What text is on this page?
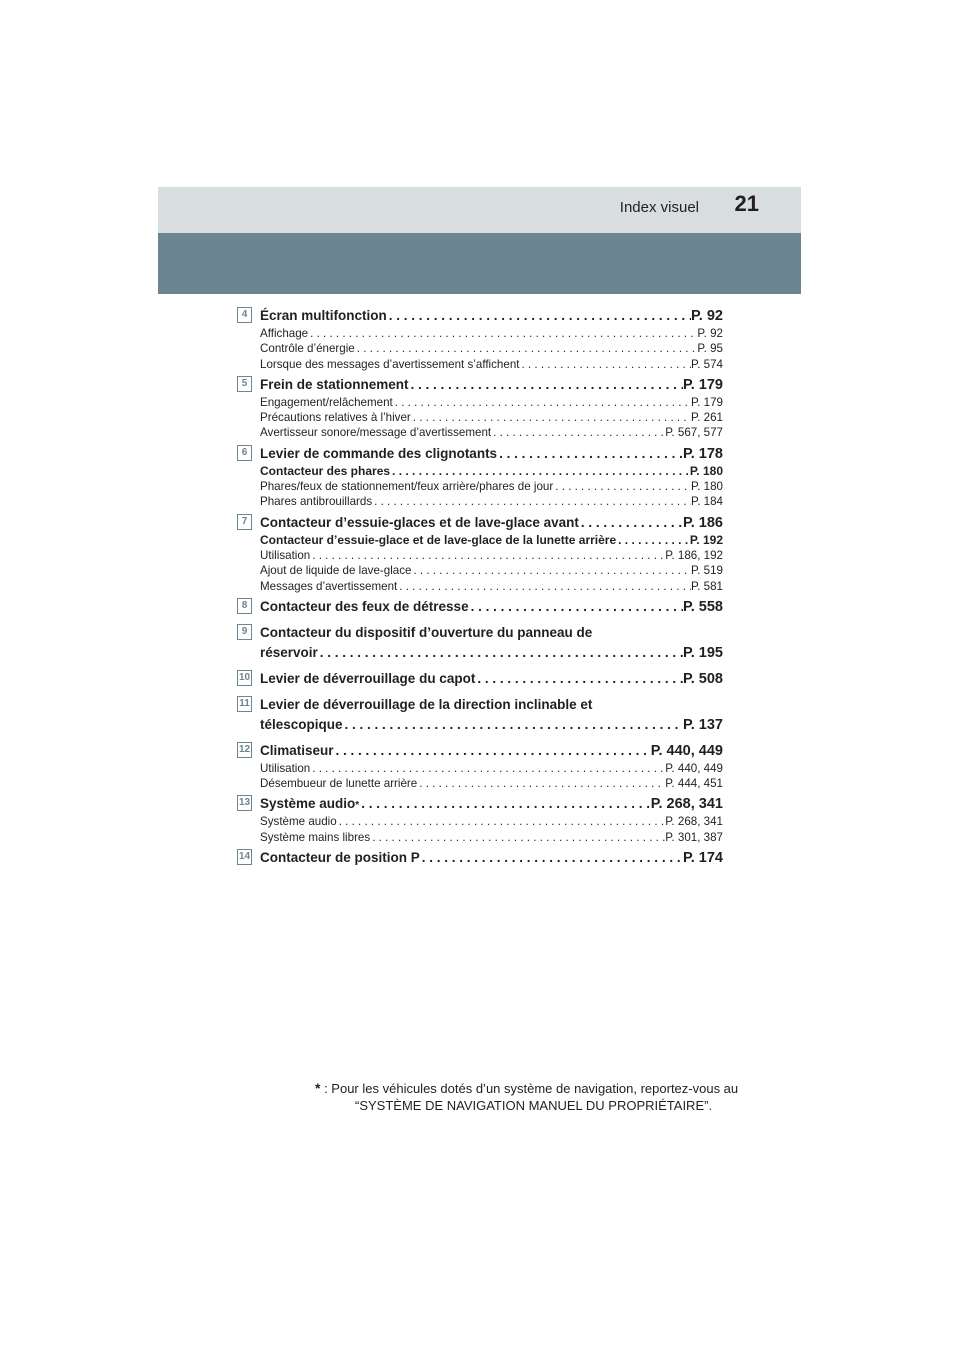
Index visuel 21
4 Écran multifonction . . .	P. 92
Affichage . . .	P. 92
Contrôle d’énergie . . .	P. 95
Lorsque des messages d’avertissement s’affichent . . .	P. 574
5 Frein de stationnement . . .	P. 179
Engagement/relâchement . . .	P. 179
Précautions relatives à l’hiver . . .	P. 261
Avertisseur sonore/message d’avertissement . . .	P. 567, 577
6 Levier de commande des clignotants . . .	P. 178
Contacteur des phares . . .	P. 180
Phares/feux de stationnement/feux arrière/phares de jour . . .	P. 180
Phares antibrouillards . . .	P. 184
7 Contacteur d’essuie-glaces et de lave-glace avant . . .	P. 186
Contacteur d’essuie-glace et de lave-glace de la lunette arrière . . .	P. 192
Utilisation . . .	P. 186, 192
Ajout de liquide de lave-glace . . .	P. 519
Messages d’avertissement . . .	P. 581
8 Contacteur des feux de détresse . . .	P. 558
9 Contacteur du dispositif d’ouverture du panneau de
réservoir . . .	P. 195
10 Levier de déverrouillage du capot . . .	P. 508
11 Levier de déverrouillage de la direction inclinable et
télescopique . . .	P. 137
12 Climatiseur . . .	P. 440, 449
Utilisation . . .	P. 440, 449
Désembueur de lunette arrière . . .	P. 444, 451
13 Système audio * . . .	P. 268, 341
Système audio . . .	P. 268, 341
Système mains libres . . .	P. 301, 387
14 Contacteur de position P . . .	P. 174
* : Pour les véhicules dotés d’un système de navigation, reportez-vous au
“SYSTÈME DE NAVIGATION MANUEL DU PROPRIÉTAIRE”.
